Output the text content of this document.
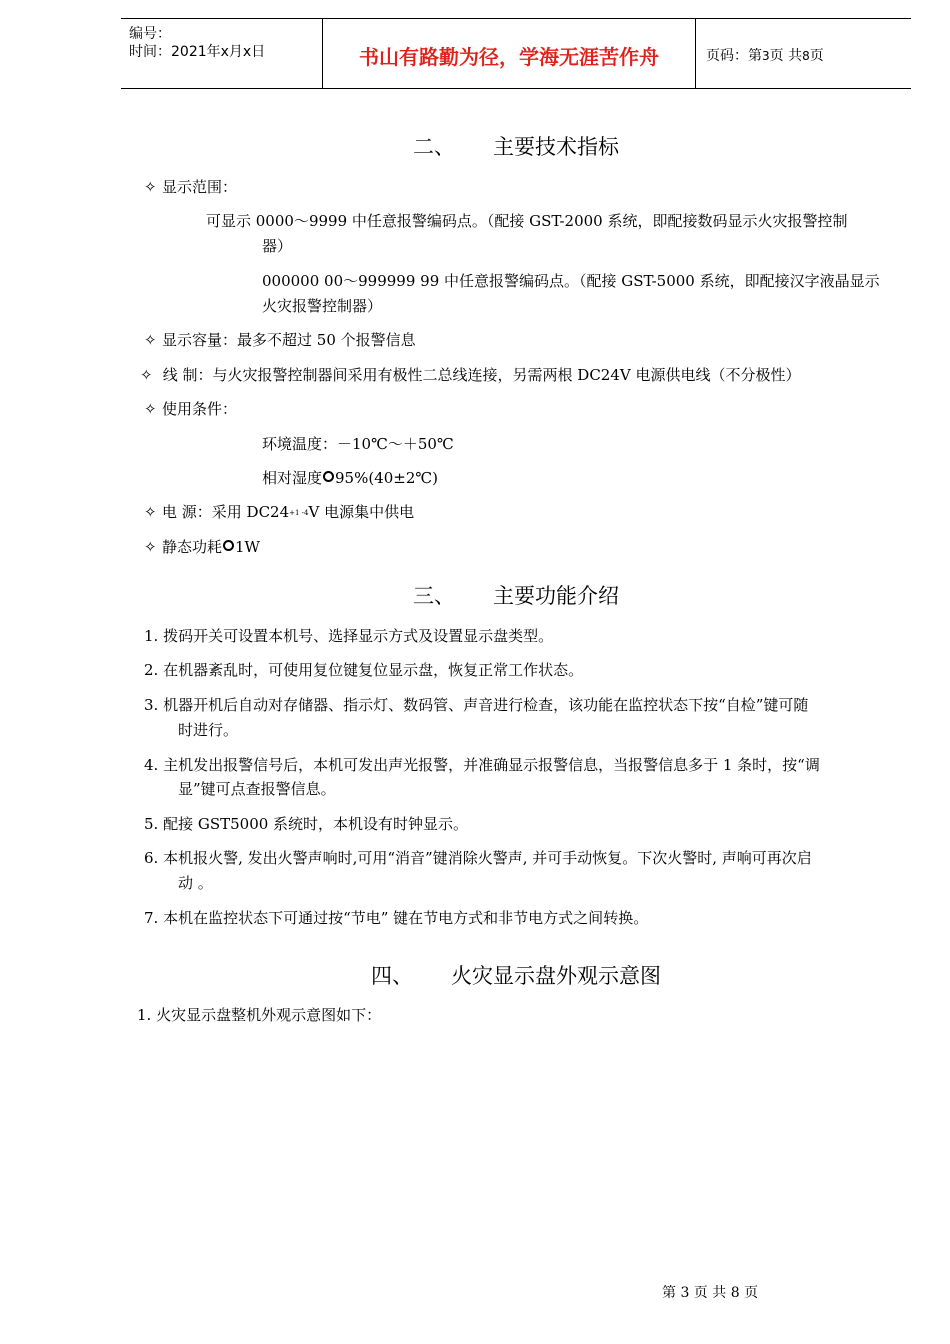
编号：
时间：2021年x月x日	书山有路勤为径，学海无涯苦作舟	页码：第3页 共8页
二、 主要技术指标
✧ 显示范围：
可显示 0000～9999 中任意报警编码点。（配接 GST-2000 系统，即配接数码显示火灾报警控制
器）
000000 00～999999 99 中任意报警编码点。（配接 GST-5000 系统，即配接汉字液晶显示
火灾报警控制器）
✧ 显示容量：最多不超过 50 个报警信息
✧ 线 制：与火灾报警控制器间采用有极性二总线连接，另需两根 DC24V 电源供电线（不分极性）
✧ 使用条件：
环境温度：－10℃～＋50℃
相对湿度 95%(40±2℃)
✧ 电 源：采用 DC24+1 -4V 电源集中供电
✧ 静态功耗 1W
三、 主要功能介绍
1. 拨码开关可设置本机号、选择显示方式及设置显示盘类型。
2. 在机器紊乱时，可使用复位键复位显示盘，恢复正常工作状态。
3. 机器开机后自动对存储器、指示灯、数码管、声音进行检查，该功能在监控状态下按“自检”键可随
时进行。
4. 主机发出报警信号后，本机可发出声光报警，并准确显示报警信息，当报警信息多于 1 条时，按“调
显”键可点查报警信息。
5. 配接 GST5000 系统时，本机设有时钟显示。
6. 本机报火警, 发出火警声响时,可用“消音”键消除火警声, 并可手动恢复。下次火警时, 声响可再次启
动 。
7. 本机在监控状态下可通过按“节电” 键在节电方式和非节电方式之间转换。
四、 火灾显示盘外观示意图
1. 火灾显示盘整机外观示意图如下：
第 3 页 共 8 页
